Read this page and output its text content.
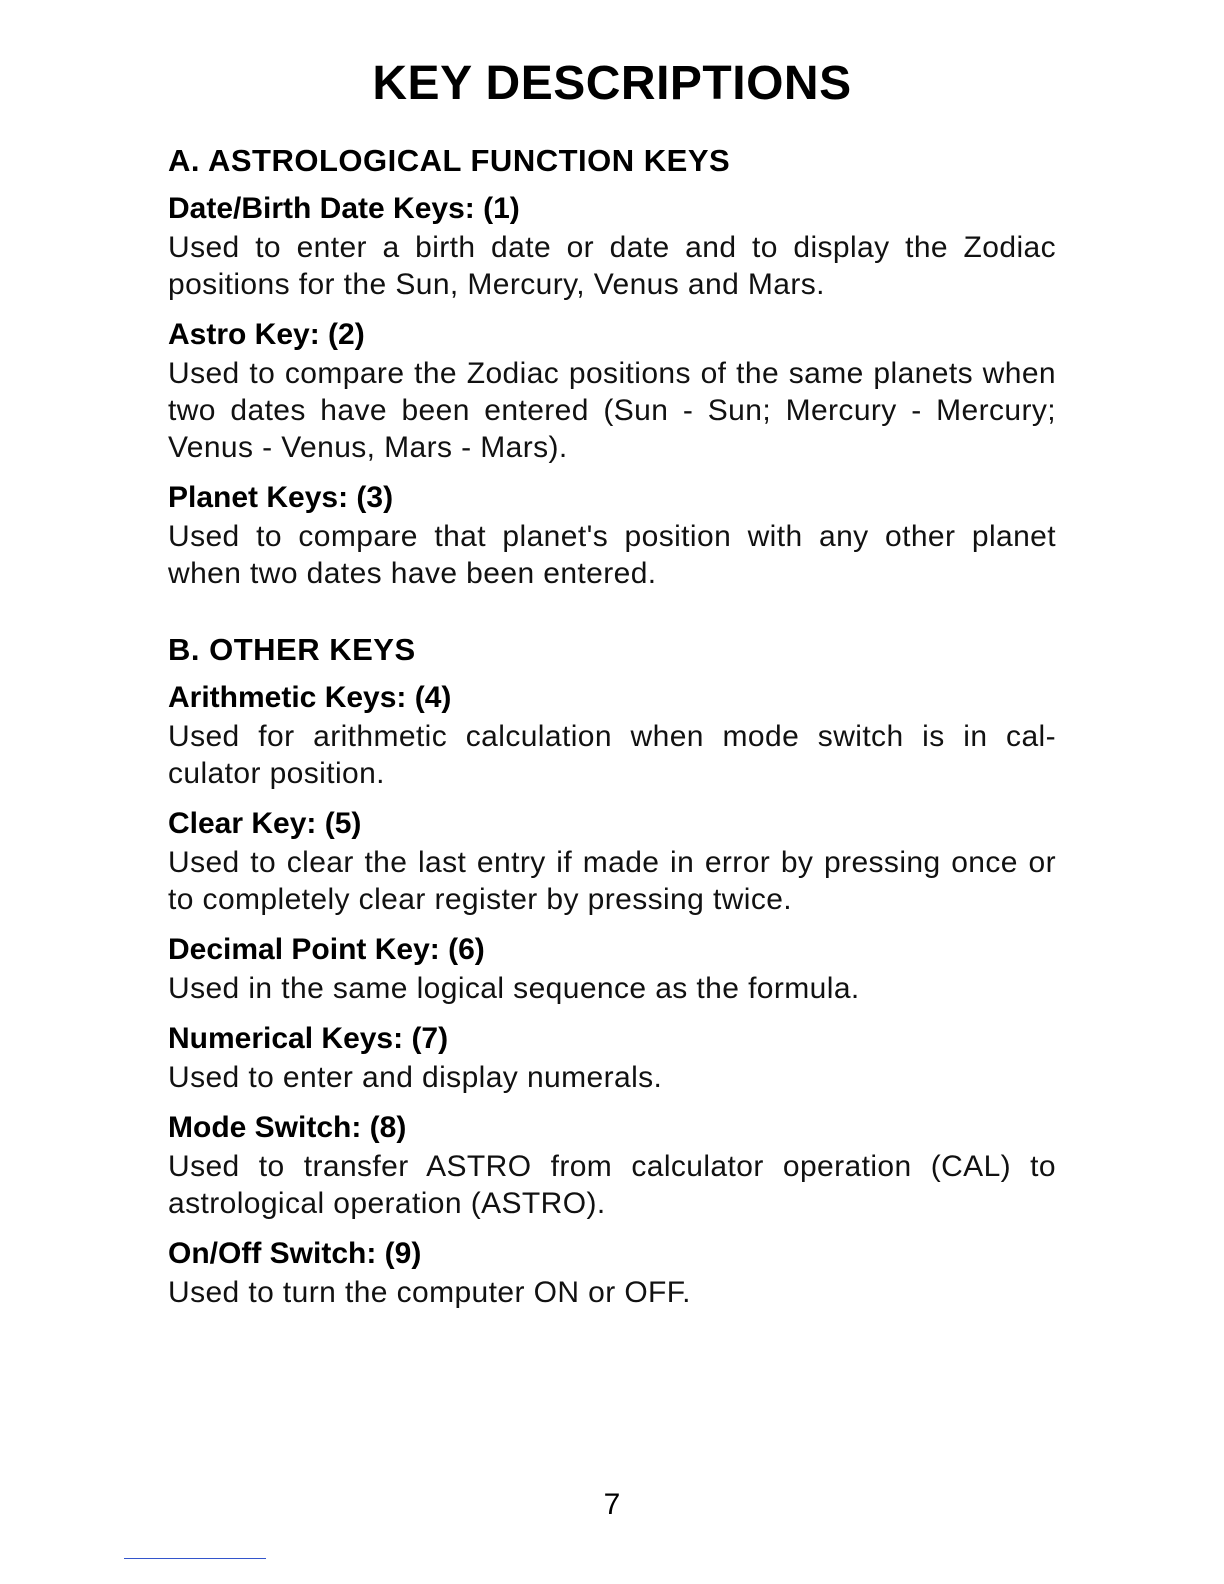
KEY DESCRIPTIONS
A. ASTROLOGICAL FUNCTION KEYS
Date/Birth Date Keys: (1)

Used to enter a birth date or date and to display the Zodiac positions for the Sun, Mercury, Venus and Mars.

Astro Key: (2)

Used to compare the Zodiac positions of the same planets when two dates have been entered (Sun - Sun; Mercury - Mercury; Venus - Venus, Mars - Mars).

Planet Keys: (3)

Used to compare that planet's position with any other planet when two dates have been entered.

B. OTHER KEYS
Arithmetic Keys: (4)

Used for arithmetic calculation when mode switch is in cal-culator position.

Clear Key: (5)

Used to clear the last entry if made in error by pressing once or to completely clear register by pressing twice.

Decimal Point Key: (6)

Used in the same logical sequence as the formula.

Numerical Keys: (7)

Used to enter and display numerals.

Mode Switch: (8)

Used to transfer ASTRO from calculator operation (CAL) to astrological operation (ASTRO).

On/Off Switch: (9)

Used to turn the computer ON or OFF.

7
